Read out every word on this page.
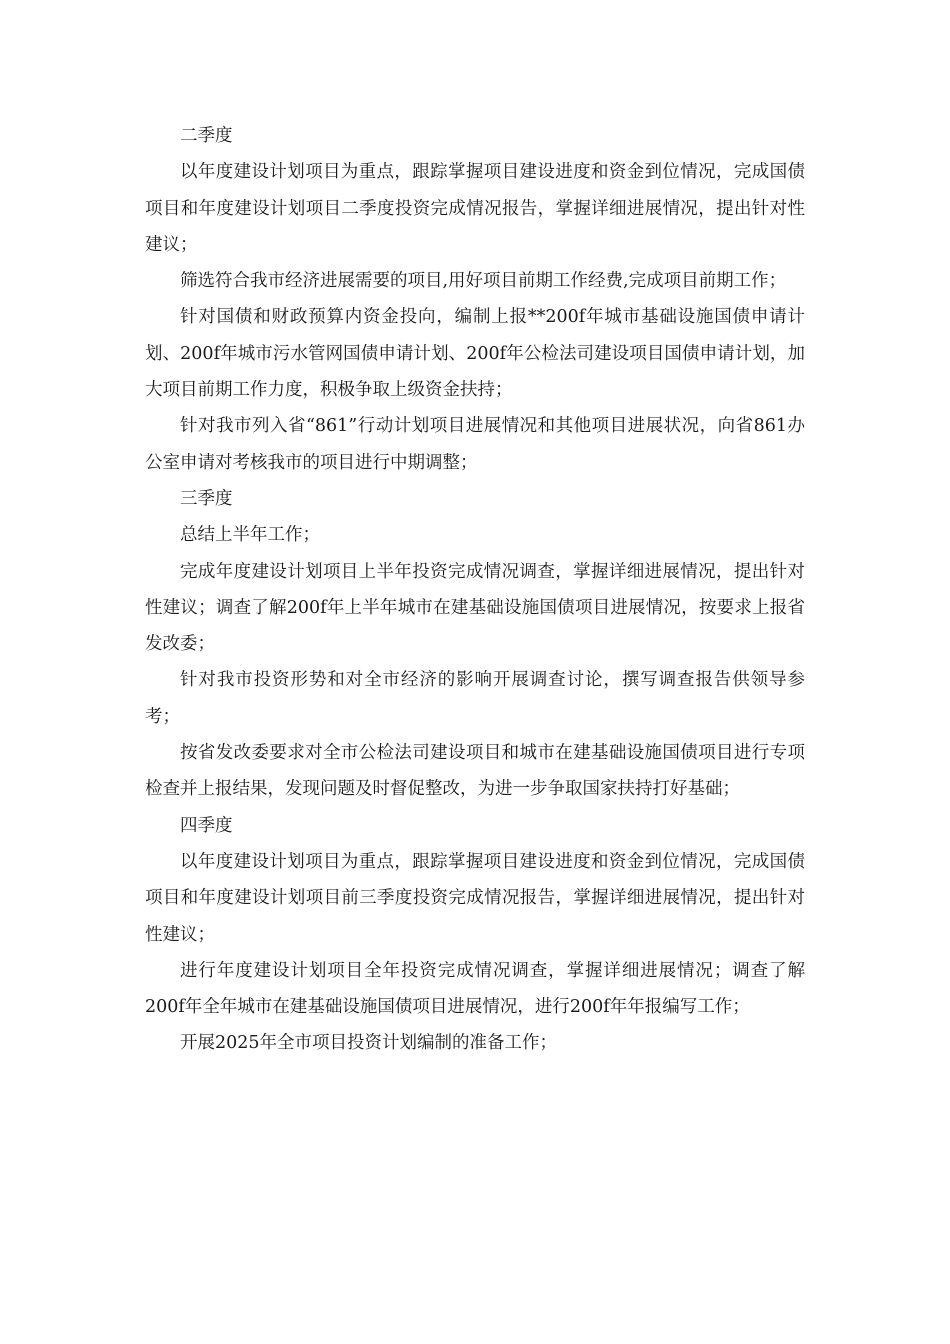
二季度

以年度建设计划项目为重点，跟踪掌握项目建设进度和资金到位情况，完成国债项目和年度建设计划项目二季度投资完成情况报告，掌握详细进展情况，提出针对性建议；

筛选符合我市经济进展需要的项目,用好项目前期工作经费,完成项目前期工作；

针对国债和财政预算内资金投向，编制上报**200f年城市基础设施国债申请计划、200f年城市污水管网国债申请计划、200f年公检法司建设项目国债申请计划，加大项目前期工作力度，积极争取上级资金扶持；

针对我市列入省“861”行动计划项目进展情况和其他项目进展状况，向省861办公室申请对考核我市的项目进行中期调整；

三季度

总结上半年工作；

完成年度建设计划项目上半年投资完成情况调查，掌握详细进展情况，提出针对性建议；调查了解200f年上半年城市在建基础设施国债项目进展情况，按要求上报省发改委；

针对我市投资形势和对全市经济的影响开展调查讨论，撰写调查报告供领导参考；

按省发改委要求对全市公检法司建设项目和城市在建基础设施国债项目进行专项检查并上报结果，发现问题及时督促整改，为进一步争取国家扶持打好基础；

四季度

以年度建设计划项目为重点，跟踪掌握项目建设进度和资金到位情况，完成国债项目和年度建设计划项目前三季度投资完成情况报告，掌握详细进展情况，提出针对性建议；

进行年度建设计划项目全年投资完成情况调查，掌握详细进展情况；调查了解200f年全年城市在建基础设施国债项目进展情况，进行200f年年报编写工作；

开展2025年全市项目投资计划编制的准备工作；
